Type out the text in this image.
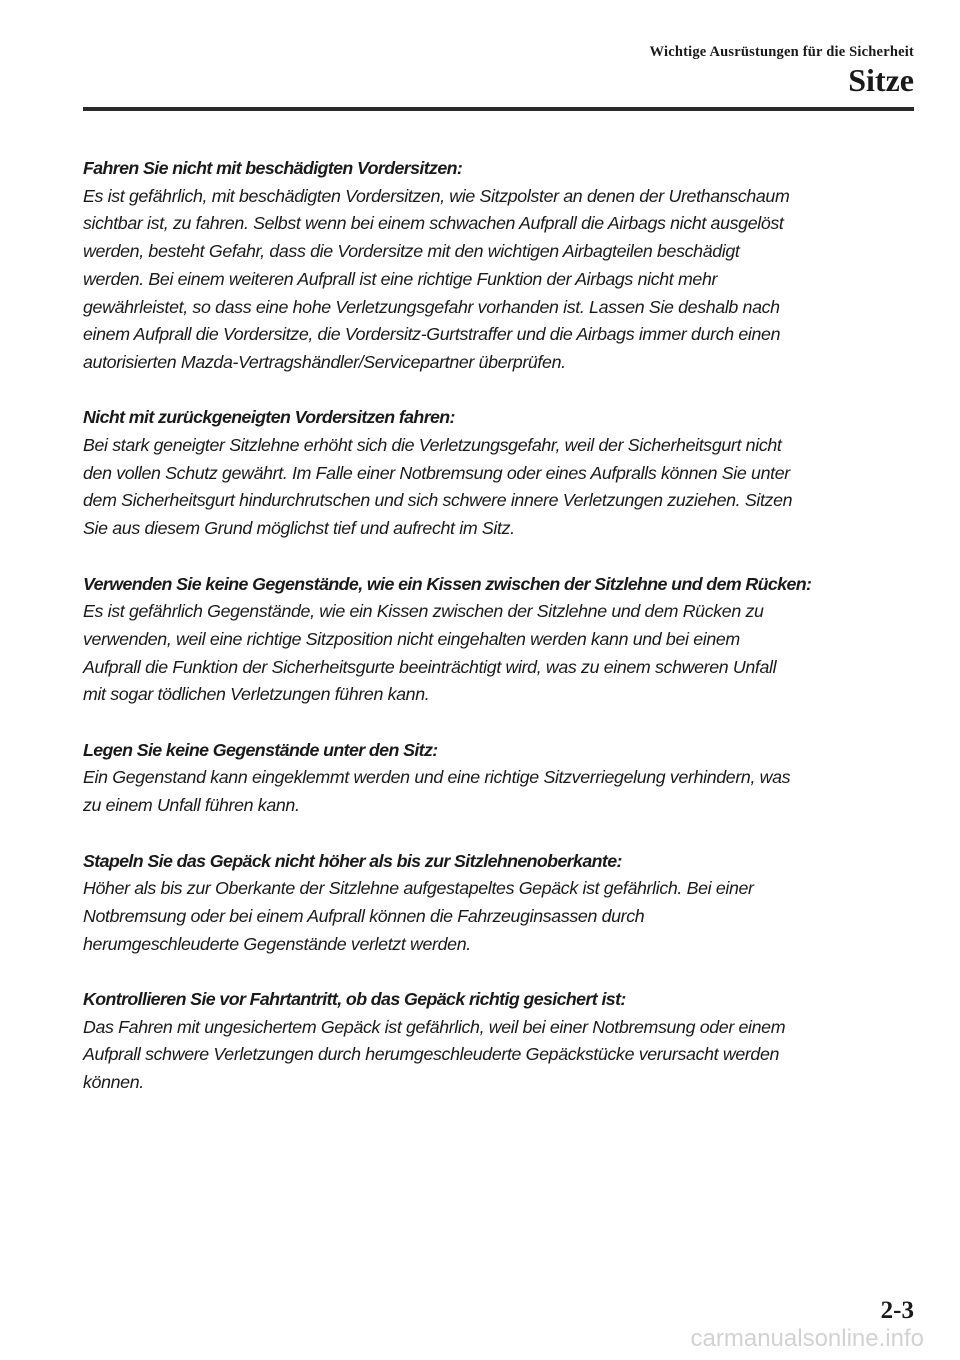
Wichtige Ausrüstungen für die Sicherheit
Sitze
Fahren Sie nicht mit beschädigten Vordersitzen:
Es ist gefährlich, mit beschädigten Vordersitzen, wie Sitzpolster an denen der Urethanschaum
sichtbar ist, zu fahren. Selbst wenn bei einem schwachen Aufprall die Airbags nicht ausgelöst
werden, besteht Gefahr, dass die Vordersitze mit den wichtigen Airbagteilen beschädigt
werden. Bei einem weiteren Aufprall ist eine richtige Funktion der Airbags nicht mehr
gewährleistet, so dass eine hohe Verletzungsgefahr vorhanden ist. Lassen Sie deshalb nach
einem Aufprall die Vordersitze, die Vordersitz-Gurtstraffer und die Airbags immer durch einen
autorisierten Mazda-Vertragshändler/Servicepartner überprüfen.
Nicht mit zurückgeneigten Vordersitzen fahren:
Bei stark geneigter Sitzlehne erhöht sich die Verletzungsgefahr, weil der Sicherheitsgurt nicht
den vollen Schutz gewährt. Im Falle einer Notbremsung oder eines Aufpralls können Sie unter
dem Sicherheitsgurt hindurchrutschen und sich schwere innere Verletzungen zuziehen. Sitzen
Sie aus diesem Grund möglichst tief und aufrecht im Sitz.
Verwenden Sie keine Gegenstände, wie ein Kissen zwischen der Sitzlehne und dem Rücken:
Es ist gefährlich Gegenstände, wie ein Kissen zwischen der Sitzlehne und dem Rücken zu
verwenden, weil eine richtige Sitzposition nicht eingehalten werden kann und bei einem
Aufprall die Funktion der Sicherheitsgurte beeinträchtigt wird, was zu einem schweren Unfall
mit sogar tödlichen Verletzungen führen kann.
Legen Sie keine Gegenstände unter den Sitz:
Ein Gegenstand kann eingeklemmt werden und eine richtige Sitzverriegelung verhindern, was
zu einem Unfall führen kann.
Stapeln Sie das Gepäck nicht höher als bis zur Sitzlehnenoberkante:
Höher als bis zur Oberkante der Sitzlehne aufgestapeltes Gepäck ist gefährlich. Bei einer
Notbremsung oder bei einem Aufprall können die Fahrzeuginsassen durch
herumgeschleuderte Gegenstände verletzt werden.
Kontrollieren Sie vor Fahrtantritt, ob das Gepäck richtig gesichert ist:
Das Fahren mit ungesichertem Gepäck ist gefährlich, weil bei einer Notbremsung oder einem
Aufprall schwere Verletzungen durch herumgeschleuderte Gepäckstücke verursacht werden
können.
2-3
carmanualsonline.info
